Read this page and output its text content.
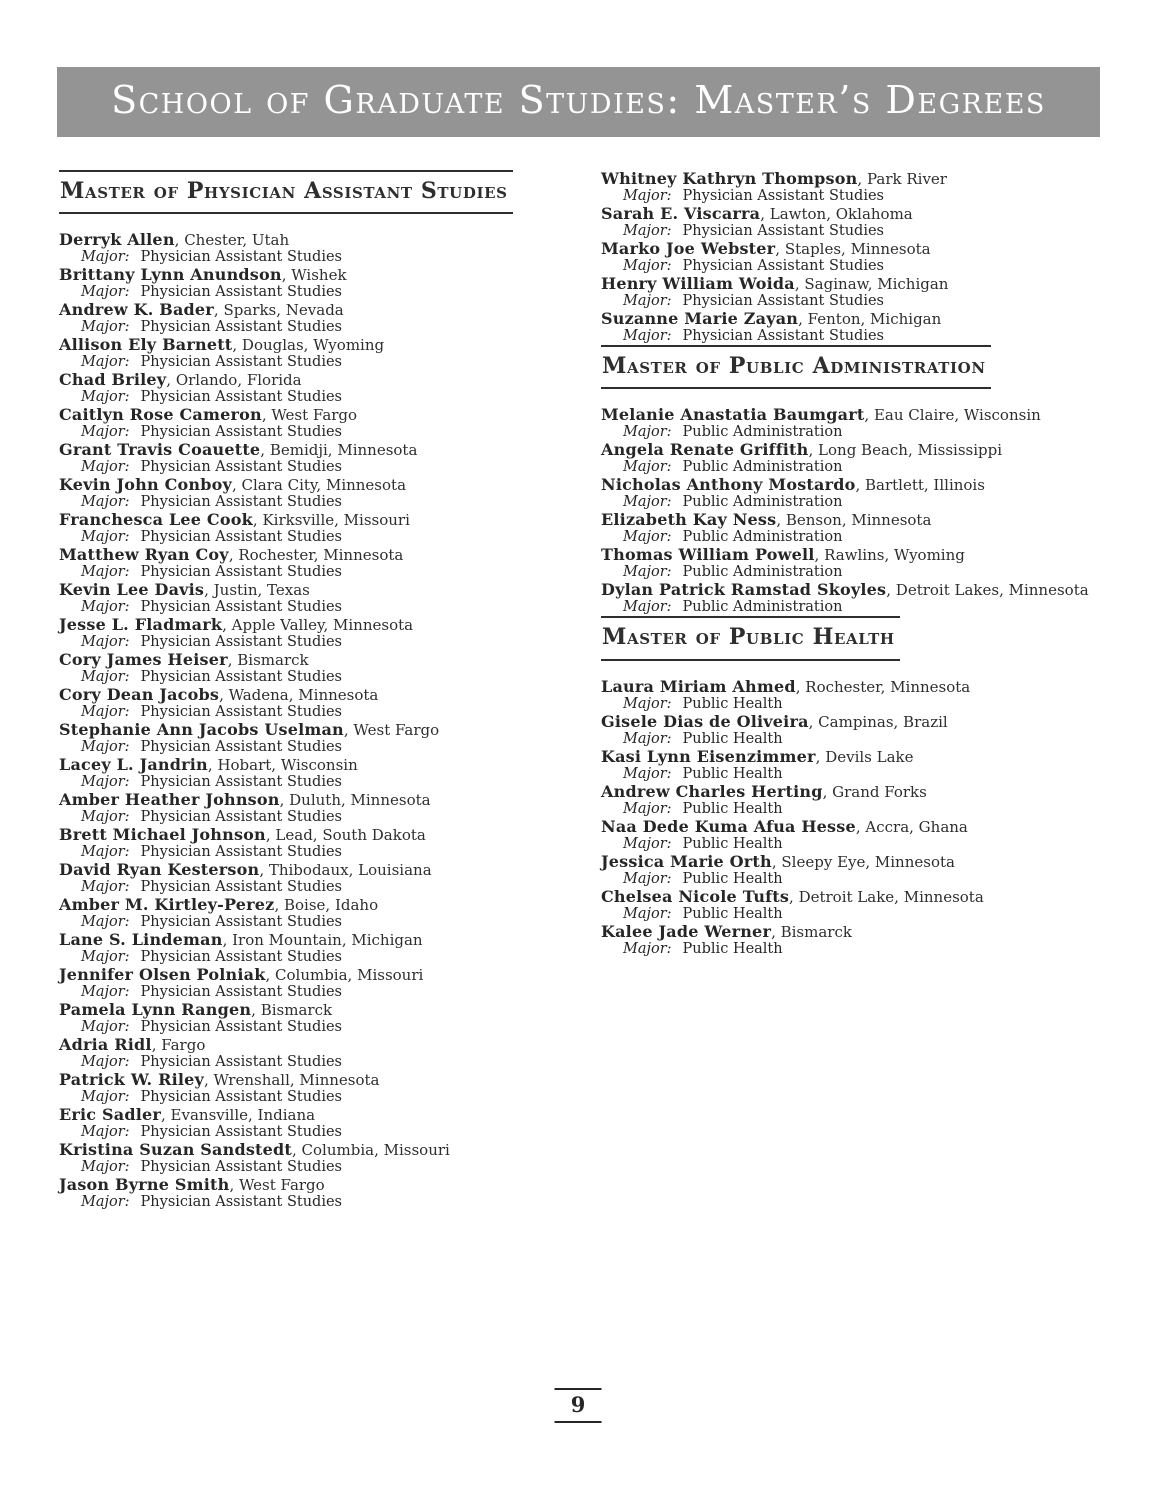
School of Graduate Studies: Master’s Degrees
Master of Physician Assistant Studies
Derryk Allen, Chester, Utah
Major: Physician Assistant Studies
Brittany Lynn Anundson, Wishek
Major: Physician Assistant Studies
Andrew K. Bader, Sparks, Nevada
Major: Physician Assistant Studies
Allison Ely Barnett, Douglas, Wyoming
Major: Physician Assistant Studies
Chad Briley, Orlando, Florida
Major: Physician Assistant Studies
Caitlyn Rose Cameron, West Fargo
Major: Physician Assistant Studies
Grant Travis Coauette, Bemidji, Minnesota
Major: Physician Assistant Studies
Kevin John Conboy, Clara City, Minnesota
Major: Physician Assistant Studies
Franchesca Lee Cook, Kirksville, Missouri
Major: Physician Assistant Studies
Matthew Ryan Coy, Rochester, Minnesota
Major: Physician Assistant Studies
Kevin Lee Davis, Justin, Texas
Major: Physician Assistant Studies
Jesse L. Fladmark, Apple Valley, Minnesota
Major: Physician Assistant Studies
Cory James Heiser, Bismarck
Major: Physician Assistant Studies
Cory Dean Jacobs, Wadena, Minnesota
Major: Physician Assistant Studies
Stephanie Ann Jacobs Uselman, West Fargo
Major: Physician Assistant Studies
Lacey L. Jandrin, Hobart, Wisconsin
Major: Physician Assistant Studies
Amber Heather Johnson, Duluth, Minnesota
Major: Physician Assistant Studies
Brett Michael Johnson, Lead, South Dakota
Major: Physician Assistant Studies
David Ryan Kesterson, Thibodaux, Louisiana
Major: Physician Assistant Studies
Amber M. Kirtley-Perez, Boise, Idaho
Major: Physician Assistant Studies
Lane S. Lindeman, Iron Mountain, Michigan
Major: Physician Assistant Studies
Jennifer Olsen Polniak, Columbia, Missouri
Major: Physician Assistant Studies
Pamela Lynn Rangen, Bismarck
Major: Physician Assistant Studies
Adria Ridl, Fargo
Major: Physician Assistant Studies
Patrick W. Riley, Wrenshall, Minnesota
Major: Physician Assistant Studies
Eric Sadler, Evansville, Indiana
Major: Physician Assistant Studies
Kristina Suzan Sandstedt, Columbia, Missouri
Major: Physician Assistant Studies
Jason Byrne Smith, West Fargo
Major: Physician Assistant Studies
Whitney Kathryn Thompson, Park River
Major: Physician Assistant Studies
Sarah E. Viscarra, Lawton, Oklahoma
Major: Physician Assistant Studies
Marko Joe Webster, Staples, Minnesota
Major: Physician Assistant Studies
Henry William Woida, Saginaw, Michigan
Major: Physician Assistant Studies
Suzanne Marie Zayan, Fenton, Michigan
Major: Physician Assistant Studies
Master of Public Administration
Melanie Anastatia Baumgart, Eau Claire, Wisconsin
Major: Public Administration
Angela Renate Griffith, Long Beach, Mississippi
Major: Public Administration
Nicholas Anthony Mostardo, Bartlett, Illinois
Major: Public Administration
Elizabeth Kay Ness, Benson, Minnesota
Major: Public Administration
Thomas William Powell, Rawlins, Wyoming
Major: Public Administration
Dylan Patrick Ramstad Skoyles, Detroit Lakes, Minnesota
Major: Public Administration
Master of Public Health
Laura Miriam Ahmed, Rochester, Minnesota
Major: Public Health
Gisele Dias de Oliveira, Campinas, Brazil
Major: Public Health
Kasi Lynn Eisenzimmer, Devils Lake
Major: Public Health
Andrew Charles Herting, Grand Forks
Major: Public Health
Naa Dede Kuma Afua Hesse, Accra, Ghana
Major: Public Health
Jessica Marie Orth, Sleepy Eye, Minnesota
Major: Public Health
Chelsea Nicole Tufts, Detroit Lake, Minnesota
Major: Public Health
Kalee Jade Werner, Bismarck
Major: Public Health
9
